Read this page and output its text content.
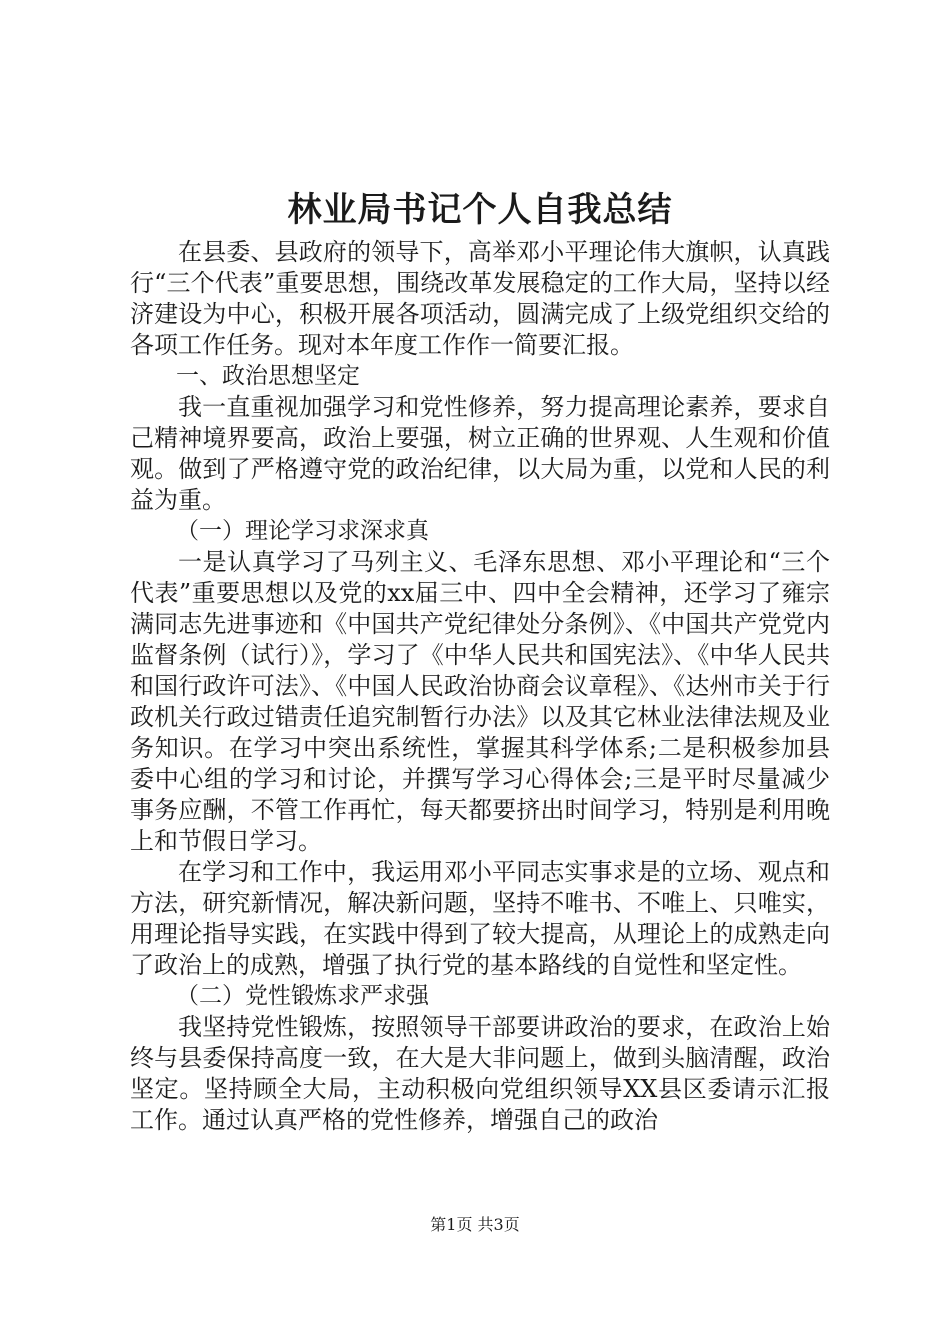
林业局书记个人自我总结

在县委、县政府的领导下，高举邓小平理论伟大旗帜，认真践行“三个代表”重要思想，围绕改革发展稳定的工作大局，坚持以经济建设为中心，积极开展各项活动，圆满完成了上级党组织交给的各项工作任务。现对本年度工作作一简要汇报。

一、政治思想坚定

我一直重视加强学习和党性修养，努力提高理论素养，要求自己精神境界要高，政治上要强，树立正确的世界观、人生观和价值观。做到了严格遵守党的政治纪律，以大局为重，以党和人民的利益为重。

（一）理论学习求深求真

一是认真学习了马列主义、毛泽东思想、邓小平理论和“三个代表”重要思想以及党的xx届三中、四中全会精神，还学习了雍宗满同志先进事迹和《中国共产党纪律处分条例》、《中国共产党党内监督条例（试行）》，学习了《中华人民共和国宪法》、《中华人民共和国行政许可法》、《中国人民政治协商会议章程》、《达州市关于行政机关行政过错责任追究制暂行办法》以及其它林业法律法规及业务知识。在学习中突出系统性，掌握其科学体系;二是积极参加县委中心组的学习和讨论，并撰写学习心得体会;三是平时尽量减少事务应酬，不管工作再忙，每天都要挤出时间学习，特别是利用晚上和节假日学习。

在学习和工作中，我运用邓小平同志实事求是的立场、观点和方法，研究新情况，解决新问题，坚持不唯书、不唯上、只唯实，用理论指导实践，在实践中得到了较大提高，从理论上的成熟走向了政治上的成熟，增强了执行党的基本路线的自觉性和坚定性。

（二）党性锻炼求严求强

我坚持党性锻炼，按照领导干部要讲政治的要求，在政治上始终与县委保持高度一致，在大是大非问题上，做到头脑清醒，政治坚定。坚持顾全大局，主动积极向党组织领导XX县区委请示汇报工作。通过认真严格的党性修养，增强自己的政治

第1页 共3页
